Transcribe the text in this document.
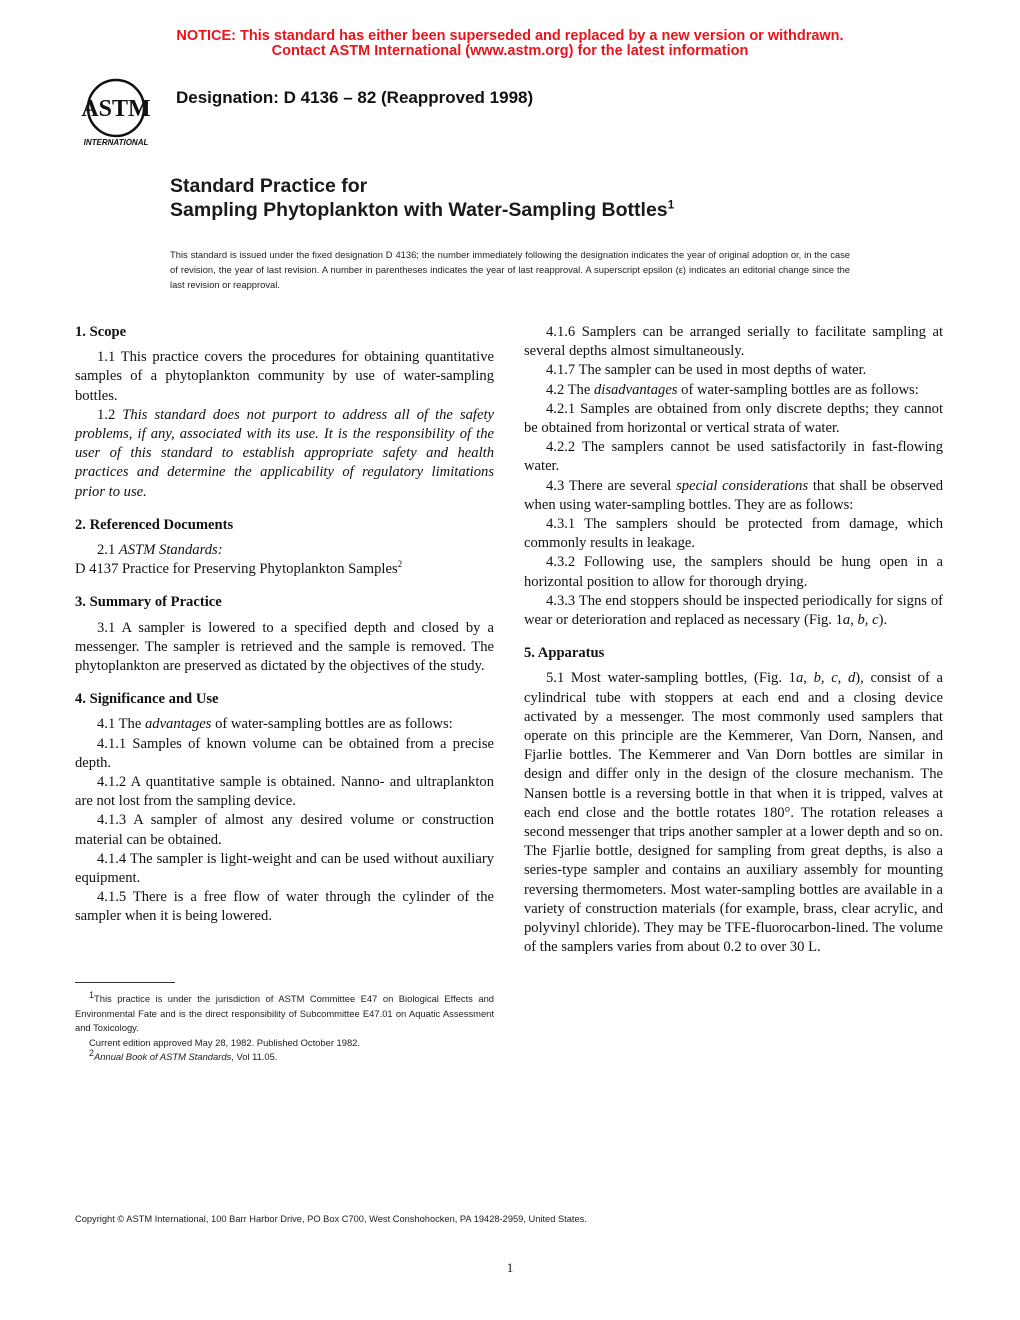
NOTICE: This standard has either been superseded and replaced by a new version or withdrawn.
Contact ASTM International (www.astm.org) for the latest information
ASTM
INTERNATIONAL
Designation: D 4136 – 82 (Reapproved 1998)
Standard Practice for
Sampling Phytoplankton with Water-Sampling Bottles$^1$
This standard is issued under the fixed designation D 4136; the number immediately following the designation indicates the year of original adoption or, in the case of revision, the year of last revision. A number in parentheses indicates the year of last reapproval. A superscript epsilon (ε) indicates an editorial change since the last revision or reapproval.
1. Scope

1.1 This practice covers the procedures for obtaining quantitative samples of a phytoplankton community by use of water-sampling bottles.

1.2 This standard does not purport to address all of the safety problems, if any, associated with its use. It is the responsibility of the user of this standard to establish appropriate safety and health practices and determine the applicability of regulatory limitations prior to use.

2. Referenced Documents

2.1 ASTM Standards:

D 4137 Practice for Preserving Phytoplankton Samples$^2$

3. Summary of Practice

3.1 A sampler is lowered to a specified depth and closed by a messenger. The sampler is retrieved and the sample is removed. The phytoplankton are preserved as dictated by the objectives of the study.

4. Significance and Use

4.1 The advantages of water-sampling bottles are as follows:

4.1.1 Samples of known volume can be obtained from a precise depth.

4.1.2 A quantitative sample is obtained. Nanno- and ultraplankton are not lost from the sampling device.

4.1.3 A sampler of almost any desired volume or construction material can be obtained.

4.1.4 The sampler is light-weight and can be used without auxiliary equipment.

4.1.5 There is a free flow of water through the cylinder of the sampler when it is being lowered.

4.1.6 Samplers can be arranged serially to facilitate sampling at several depths almost simultaneously.

4.1.7 The sampler can be used in most depths of water.

4.2 The disadvantages of water-sampling bottles are as follows:

4.2.1 Samples are obtained from only discrete depths; they cannot be obtained from horizontal or vertical strata of water.

4.2.2 The samplers cannot be used satisfactorily in fast-flowing water.

4.3 There are several special considerations that shall be observed when using water-sampling bottles. They are as follows:

4.3.1 The samplers should be protected from damage, which commonly results in leakage.

4.3.2 Following use, the samplers should be hung open in a horizontal position to allow for thorough drying.

4.3.3 The end stoppers should be inspected periodically for signs of wear or deterioration and replaced as necessary (Fig. 1a, b, c).

5. Apparatus

5.1 Most water-sampling bottles, (Fig. 1a, b, c, d), consist of a cylindrical tube with stoppers at each end and a closing device activated by a messenger. The most commonly used samplers that operate on this principle are the Kemmerer, Van Dorn, Nansen, and Fjarlie bottles. The Kemmerer and Van Dorn bottles are similar in design and differ only in the design of the closure mechanism. The Nansen bottle is a reversing bottle in that when it is tripped, valves at each end close and the bottle rotates 180°. The rotation releases a second messenger that trips another sampler at a lower depth and so on. The Fjarlie bottle, designed for sampling from great depths, is also a series-type sampler and contains an auxiliary assembly for mounting reversing thermometers. Most water-sampling bottles are available in a variety of construction materials (for example, brass, clear acrylic, and polyvinyl chloride). They may be TFE-fluorocarbon-lined. The volume of the samplers varies from about 0.2 to over 30 L.

$^1$This practice is under the jurisdiction of ASTM Committee E47 on Biological Effects and Environmental Fate and is the direct responsibility of Subcommittee E47.01 on Aquatic Assessment and Toxicology.

Current edition approved May 28, 1982. Published October 1982.

$^2$Annual Book of ASTM Standards, Vol 11.05.

Copyright © ASTM International, 100 Barr Harbor Drive, PO Box C700, West Conshohocken, PA 19428-2959, United States.
1
